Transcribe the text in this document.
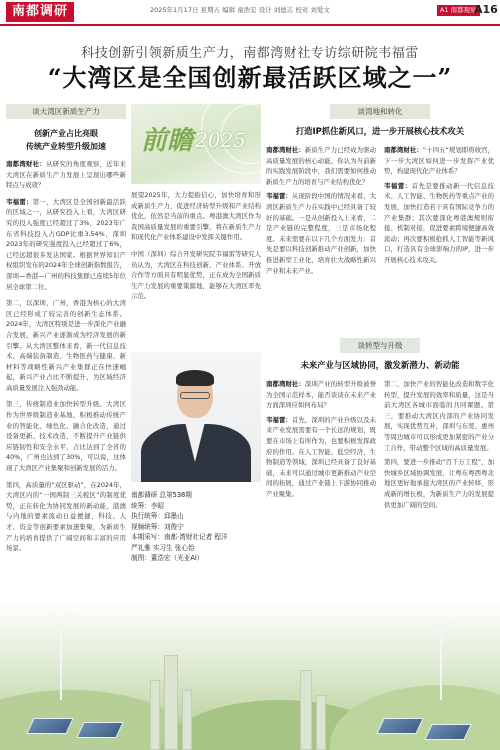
南都调研	2025年1月17日 星期五 编辑 童浩宏 设计 刘德志 校对 刘爱文	A1 南都观察
A16
科技创新引领新质生产力，南都湾财社专访综研院韦福雷
“大湾区是全国创新最活跃区域之一”
谈大湾区新质生产力
创新产业占比亮眼
传统产业转型升级加速

南都湾财社：从研究的角度观察，近年来大湾区在新质生产力发展上呈现出哪些新特点与成效？

韦福雷：第一，大湾区是全国创新最活跃的区域之一，从研究投入上看，大湾区研究的投入强度已经超过了3%，2023年广东省科技投入占GDP比重3.54%，深圳2023年的研究强度投入已经超过了6%，已经远超很多发达国家。根据世界知识产权组织发布的2024年全球创新指数报告，深圳—香港—广州的科技集群已连续5年位居全球第二位。

第二，以深圳、广州、香港为核心的大湾区已经形成了较完善的创新生态体系。2024年，大湾区特别是进一步深化产业融合发展，新兴产业逐渐成为经济发展的新引擎。从大湾区整体来看，新一代信息技术、高端装备制造、生物医药与健康、新材料等战略性新兴产业集群正在快速崛起，新兴产业占比不断提升，为区域经济高质量发展注入强劲动能。

第三，传统制造业加快转型升级。大湾区作为世界级制造业基地，积极推动传统产业的智能化、绿色化、融合化改造，通过设备更新、技术改造，不断提升产业链供应链韧性和安全水平，占比达到了全省的40%，广州也达到了30%，可以说，这体现了大湾区产业集聚和创新发展的活力。

第四，高质量的“双区驱动”，在2024年，大湾区内的“一国两制三关税区”的制度优势，正在转化为协同发展的新动能，港澳与内地的要素流动日益便捷，科技、人才、资金等创新要素加速集聚，为新质生产力的培育提供了广阔空间和丰富的应用场景。

前瞻 2025

展望2025年，大力提振信心，加快培育和形成新质生产力，促进经济转型升级和产业结构优化，依然是当前的重点。粤港澳大湾区作为我国高质量发展的重要引擎，将在新质生产力和现代化产业体系建设中发挥关键作用。

中国（深圳）综合开发研究院韦福雷等研究人员认为，大湾区在科技创新、产业体系、开放合作等方面具有明显优势，正在成为全国新质生产力发展的重要策源地，能够在大湾区率先示范。

南都调研 总第538期
统筹：李昭
执行统筹：邱墨山
视频统筹：刘俊宁
本期采写：南都·湾财社记者 程洋
严礼雅 实习生 张心怡
制图：董浩宏（光亚AI）
谈湾地和转化
打造IP抓住新风口，进一步开展核心技术攻关

南都湾财社：新质生产力已经成为驱动高质量发展的核心动能。你认为当前新的实践发展阶段中，我们需要如何推动新质生产力的培育与产业结构优化？

韦福雷：从现阶段中国的情况来看，大湾区新质生产力在实践中已经具备了较好的基础。一是从创新投入上来看，二是产业链的完整程度，三是市场化程度。未来需要在以下几个方面发力：首先是要以科技创新推动产业创新，加快推进新型工业化，培育壮大战略性新兴产业和未来产业。

南都湾财社：“十四五”规划即将收官，下一步大湾区如何进一步发挥产业优势，构建现代化产业体系？

韦福雷：首先是要推动新一代信息技术、人工智能、生物医药等重点产业的发展，加快打造若干具有国际竞争力的产业集群；其次要深化粤港澳规则衔接、机制对接，促进要素跨境便捷高效流动；再次要积极抢抓人工智能等新风口，打造具有全球影响力的IP，进一步开展核心技术攻关。

谈转型与升级
未来产业与区域协同，激发新潜力、新动能

南都湾财社：深圳产业的转型升级被誉为全国示范样本，能否谈谈在未来产业方面深圳应如何布局？

韦福雷：首先，深圳的产业升级以及未来产业发展需要有一个长远的规划，既要在市场上有所作为，也要积极发挥政府的作用。在人工智能、低空经济、生物制造等领域，深圳已经具备了良好基础，未来可以通过城市更新推动产业空间的拓展，通过产业链上下游协同推动产业聚集。

第二，加快产业的智能化改造和数字化转型，提升发展的效率和质量，这是当前大湾区各城市面临的共同课题。第三，要推动大湾区内部的产业协同发展，实现优势互补，深圳与东莞、惠州等周边城市可以形成更加紧密的产业分工合作，带动整个区域的高质量发展。

第四，要进一步推动“百千万工程”，加快城乡区域协调发展，让粤东粤西粤北地区更好地承接大湾区的产业转移，形成新的增长极，为新质生产力的发展提供更加广阔的空间。
